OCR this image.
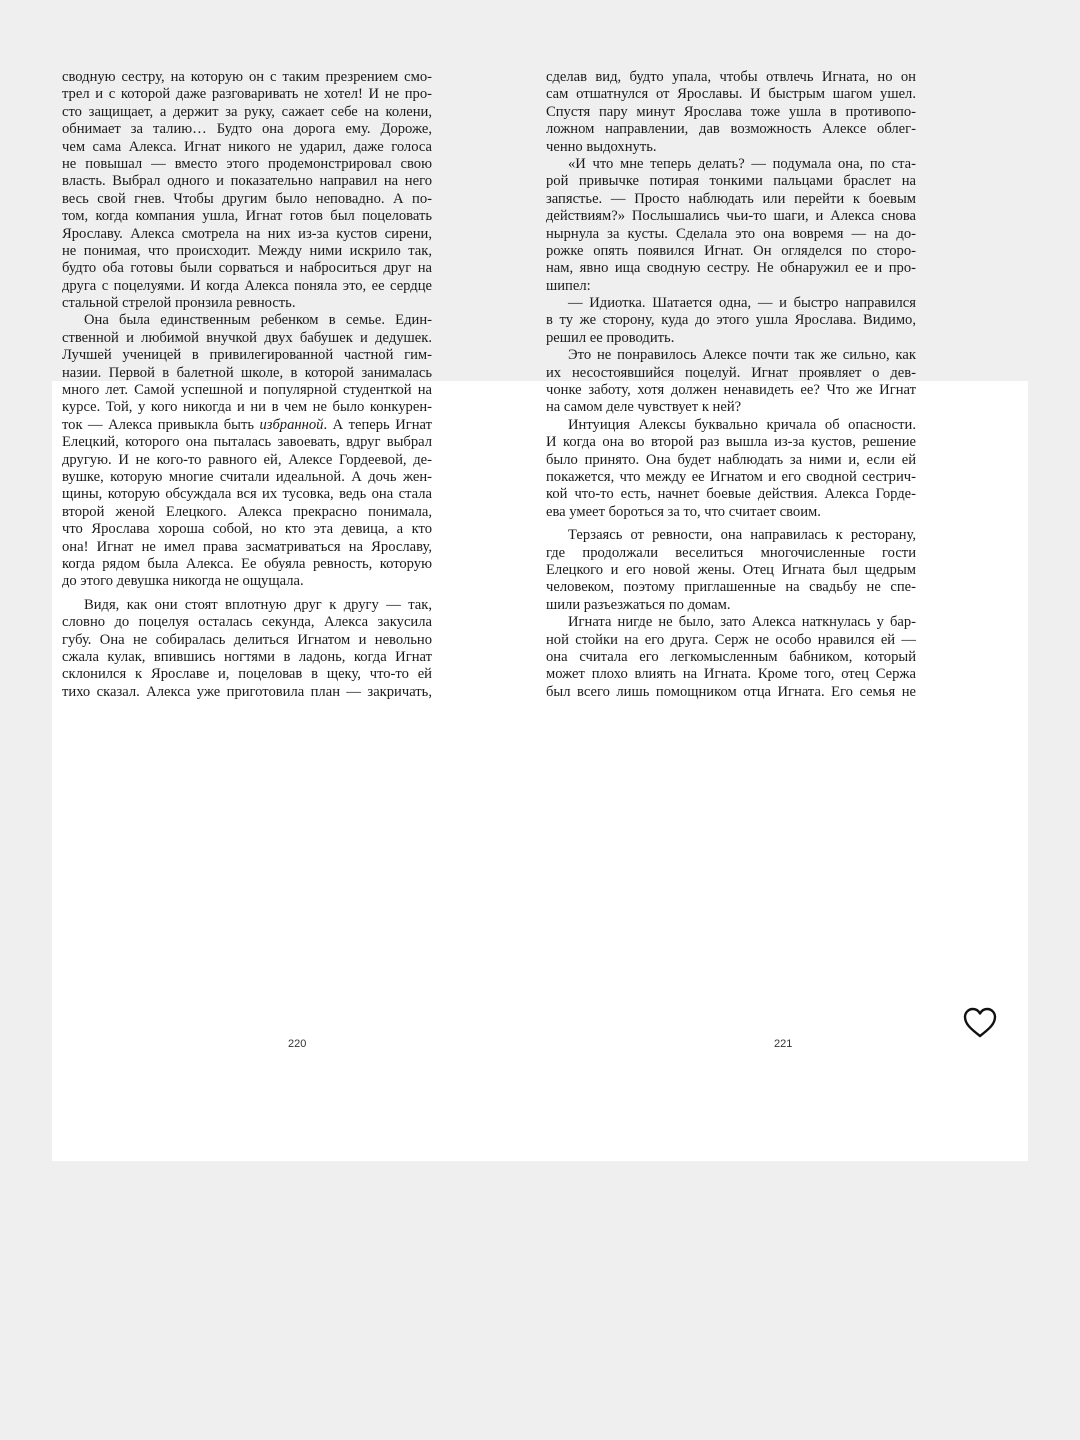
сводную сестру, на которую он с таким презрением смо-
трел и с которой даже разговаривать не хотел! И не про-
сто защищает, а держит за руку, сажает себе на колени,
обнимает за талию… Будто она дорога ему. Дороже,
чем сама Алекса. Игнат никого не ударил, даже голоса
не повышал — вместо этого продемонстрировал свою
власть. Выбрал одного и показательно направил на него
весь свой гнев. Чтобы другим было неповадно. А по-
том, когда компания ушла, Игнат готов был поцеловать
Ярославу. Алекса смотрела на них из-за кустов сирени,
не понимая, что происходит. Между ними искрило так,
будто оба готовы были сорваться и наброситься друг на
друга с поцелуями. И когда Алекса поняла это, ее сердце
стальной стрелой пронзила ревность.
Она была единственным ребенком в семье. Един-
ственной и любимой внучкой двух бабушек и дедушек.
Лучшей ученицей в привилегированной частной гим-
назии. Первой в балетной школе, в которой занималась
много лет. Самой успешной и популярной студенткой на
курсе. Той, у кого никогда и ни в чем не было конкурен-
ток — Алекса привыкла быть избранной. А теперь Игнат
Елецкий, которого она пыталась завоевать, вдруг выбрал
другую. И не кого-то равного ей, Алексе Гордеевой, де-
вушке, которую многие считали идеальной. А дочь жен-
щины, которую обсуждала вся их тусовка, ведь она стала
второй женой Елецкого. Алекса прекрасно понимала,
что Ярослава хороша собой, но кто эта девица, а кто
она! Игнат не имел права засматриваться на Ярославу,
когда рядом была Алекса. Ее обуяла ревность, которую
до этого девушка никогда не ощущала.
Видя, как они стоят вплотную друг к другу — так,
словно до поцелуя осталась секунда, Алекса закусила
губу. Она не собиралась делиться Игнатом и невольно
сжала кулак, впившись ногтями в ладонь, когда Игнат
склонился к Ярославе и, поцеловав в щеку, что-то ей
тихо сказал. Алекса уже приготовила план — закричать,
сделав вид, будто упала, чтобы отвлечь Игната, но он
сам отшатнулся от Ярославы. И быстрым шагом ушел.
Спустя пару минут Ярослава тоже ушла в противопо-
ложном направлении, дав возможность Алексе облег-
ченно выдохнуть.
«И что мне теперь делать? — подумала она, по ста-
рой привычке потирая тонкими пальцами браслет на
запястье. — Просто наблюдать или перейти к боевым
действиям?» Послышались чьи-то шаги, и Алекса снова
нырнула за кусты. Сделала это она вовремя — на до-
рожке опять появился Игнат. Он огляделся по сторо-
нам, явно ища сводную сестру. Не обнаружил ее и про-
шипел:
— Идиотка. Шатается одна, — и быстро направился
в ту же сторону, куда до этого ушла Ярослава. Видимо,
решил ее проводить.
Это не понравилось Алексе почти так же сильно, как
их несостоявшийся поцелуй. Игнат проявляет о дев-
чонке заботу, хотя должен ненавидеть ее? Что же Игнат
на самом деле чувствует к ней?
Интуиция Алексы буквально кричала об опасности.
И когда она во второй раз вышла из-за кустов, решение
было принято. Она будет наблюдать за ними и, если ей
покажется, что между ее Игнатом и его сводной сестрич-
кой что-то есть, начнет боевые действия. Алекса Горде-
ева умеет бороться за то, что считает своим.
Терзаясь от ревности, она направилась к ресторану,
где продолжали веселиться многочисленные гости
Елецкого и его новой жены. Отец Игната был щедрым
человеком, поэтому приглашенные на свадьбу не спе-
шили разъезжаться по домам.
Игната нигде не было, зато Алекса наткнулась у бар-
ной стойки на его друга. Серж не особо нравился ей —
она считала его легкомысленным бабником, который
может плохо влиять на Игната. Кроме того, отец Сержа
был всего лишь помощником отца Игната. Его семья не
220	221
